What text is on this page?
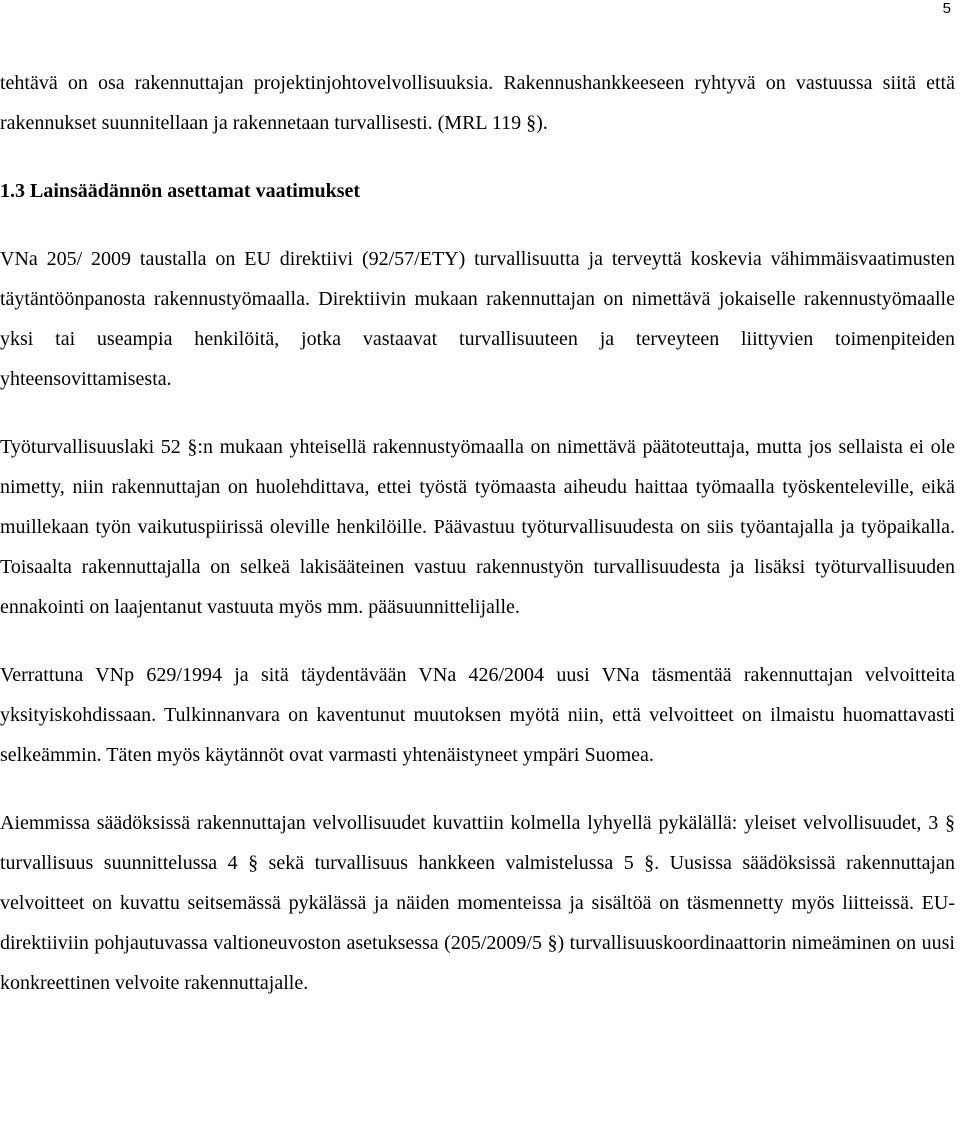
5

tehtävä on osa rakennuttajan projektinjohtovelvollisuuksia. Rakennushankkeeseen ryhtyvä on vastuussa siitä että rakennukset suunnitellaan ja rakennetaan turvallisesti. (MRL 119 §).

1.3 Lainsäädännön asettamat vaatimukset

VNa 205/ 2009 taustalla on EU direktiivi (92/57/ETY) turvallisuutta ja terveyttä koskevia vähimmäisvaatimusten täytäntöönpanosta rakennustyömaalla. Direktiivin mukaan rakennuttajan on nimettävä jokaiselle rakennustyömaalle yksi tai useampia henkilöitä, jotka vastaavat turvallisuuteen ja terveyteen liittyvien toimenpiteiden yhteensovittamisesta.

Työturvallisuuslaki 52 §:n mukaan yhteisellä rakennustyömaalla on nimettävä päätoteuttaja, mutta jos sellaista ei ole nimetty, niin rakennuttajan on huolehdittava, ettei työstä työmaasta aiheudu haittaa työmaalla työskenteleville, eikä muillekaan työn vaikutuspiirissä oleville henkilöille. Päävastuu työturvallisuudesta on siis työantajalla ja työpaikalla. Toisaalta rakennuttajalla on selkeä lakisääteinen vastuu rakennustyön turvallisuudesta ja lisäksi työturvallisuuden ennakointi on laajentanut vastuuta myös mm. pääsuunnittelijalle.

Verrattuna VNp 629/1994 ja sitä täydentävään VNa 426/2004 uusi VNa täsmentää rakennuttajan velvoitteita yksityiskohdissaan. Tulkinnanvara on kaventunut muutoksen myötä niin, että velvoitteet on ilmaistu huomattavasti selkeämmin. Täten myös käytännöt ovat varmasti yhtenäistyneet ympäri Suomea.

Aiemmissa säädöksissä rakennuttajan velvollisuudet kuvattiin kolmella lyhyellä pykälällä: yleiset velvollisuudet, 3 § turvallisuus suunnittelussa 4 § sekä turvallisuus hankkeen valmistelussa 5 §. Uusissa säädöksissä rakennuttajan velvoitteet on kuvattu seitsemässä pykälässä ja näiden momenteissa ja sisältöä on täsmennetty myös liitteissä. EU-direktiiviin pohjautuvassa valtioneuvoston asetuksessa (205/2009/5 §) turvallisuuskoordinaattorin nimeäminen on uusi konkreettinen velvoite rakennuttajalle.
